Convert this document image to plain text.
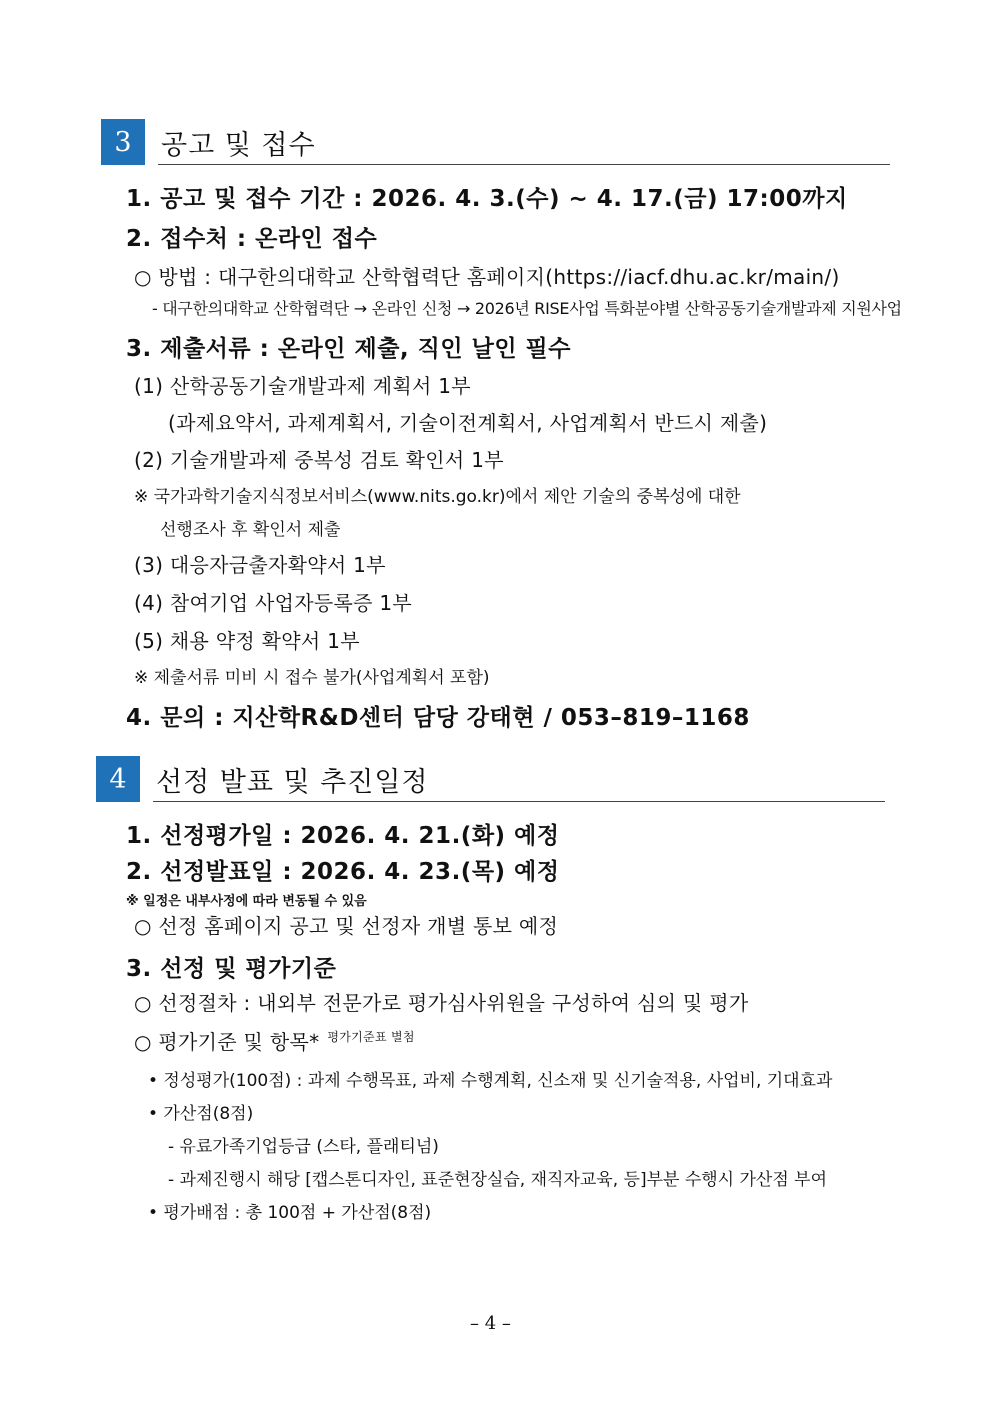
3 공고 및 접수
1. 공고 및 접수 기간 : 2026. 4. 3.(수) ~ 4. 17.(금) 17:00까지
2. 접수처 : 온라인 접수
○ 방법 : 대구한의대학교 산학협력단 홈페이지(https://iacf.dhu.ac.kr/main/)
- 대구한의대학교 산학협력단 → 온라인 신청 → 2026년 RISE사업 특화분야별 산학공동기술개발과제 지원사업
3. 제출서류 : 온라인 제출, 직인 날인 필수
(1) 산학공동기술개발과제 계획서 1부
(과제요약서, 과제계획서, 기술이전계획서, 사업계획서 반드시 제출)
(2) 기술개발과제 중복성 검토 확인서 1부
※ 국가과학기술지식정보서비스(www.nits.go.kr)에서 제안 기술의 중복성에 대한
선행조사 후 확인서 제출
(3) 대응자금출자확약서 1부
(4) 참여기업 사업자등록증 1부
(5) 채용 약정 확약서 1부
※ 제출서류 미비 시 접수 불가(사업계획서 포함)
4. 문의 : 지산학R&D센터 담당 강태현 / 053–819–1168
4 선정 발표 및 추진일정
1. 선정평가일 : 2026. 4. 21.(화) 예정
2. 선정발표일 : 2026. 4. 23.(목) 예정
※ 일정은 내부사정에 따라 변동될 수 있음
○ 선정 홈페이지 공고 및 선정자 개별 통보 예정
3. 선정 및 평가기준
○ 선정절차 : 내외부 전문가로 평가심사위원을 구성하여 심의 및 평가
○ 평가기준 및 항목* $^{평가기준표 별첨}$
• 정성평가(100점) : 과제 수행목표, 과제 수행계획, 신소재 및 신기술적용, 사업비, 기대효과
• 가산점(8점)
- 유료가족기업등급 (스타, 플래티넘)
- 과제진행시 해당 [캡스톤디자인, 표준현장실습, 재직자교육, 등]부분 수행시 가산점 부여
• 평가배점 : 총 100점 + 가산점(8점)
– 4 –
